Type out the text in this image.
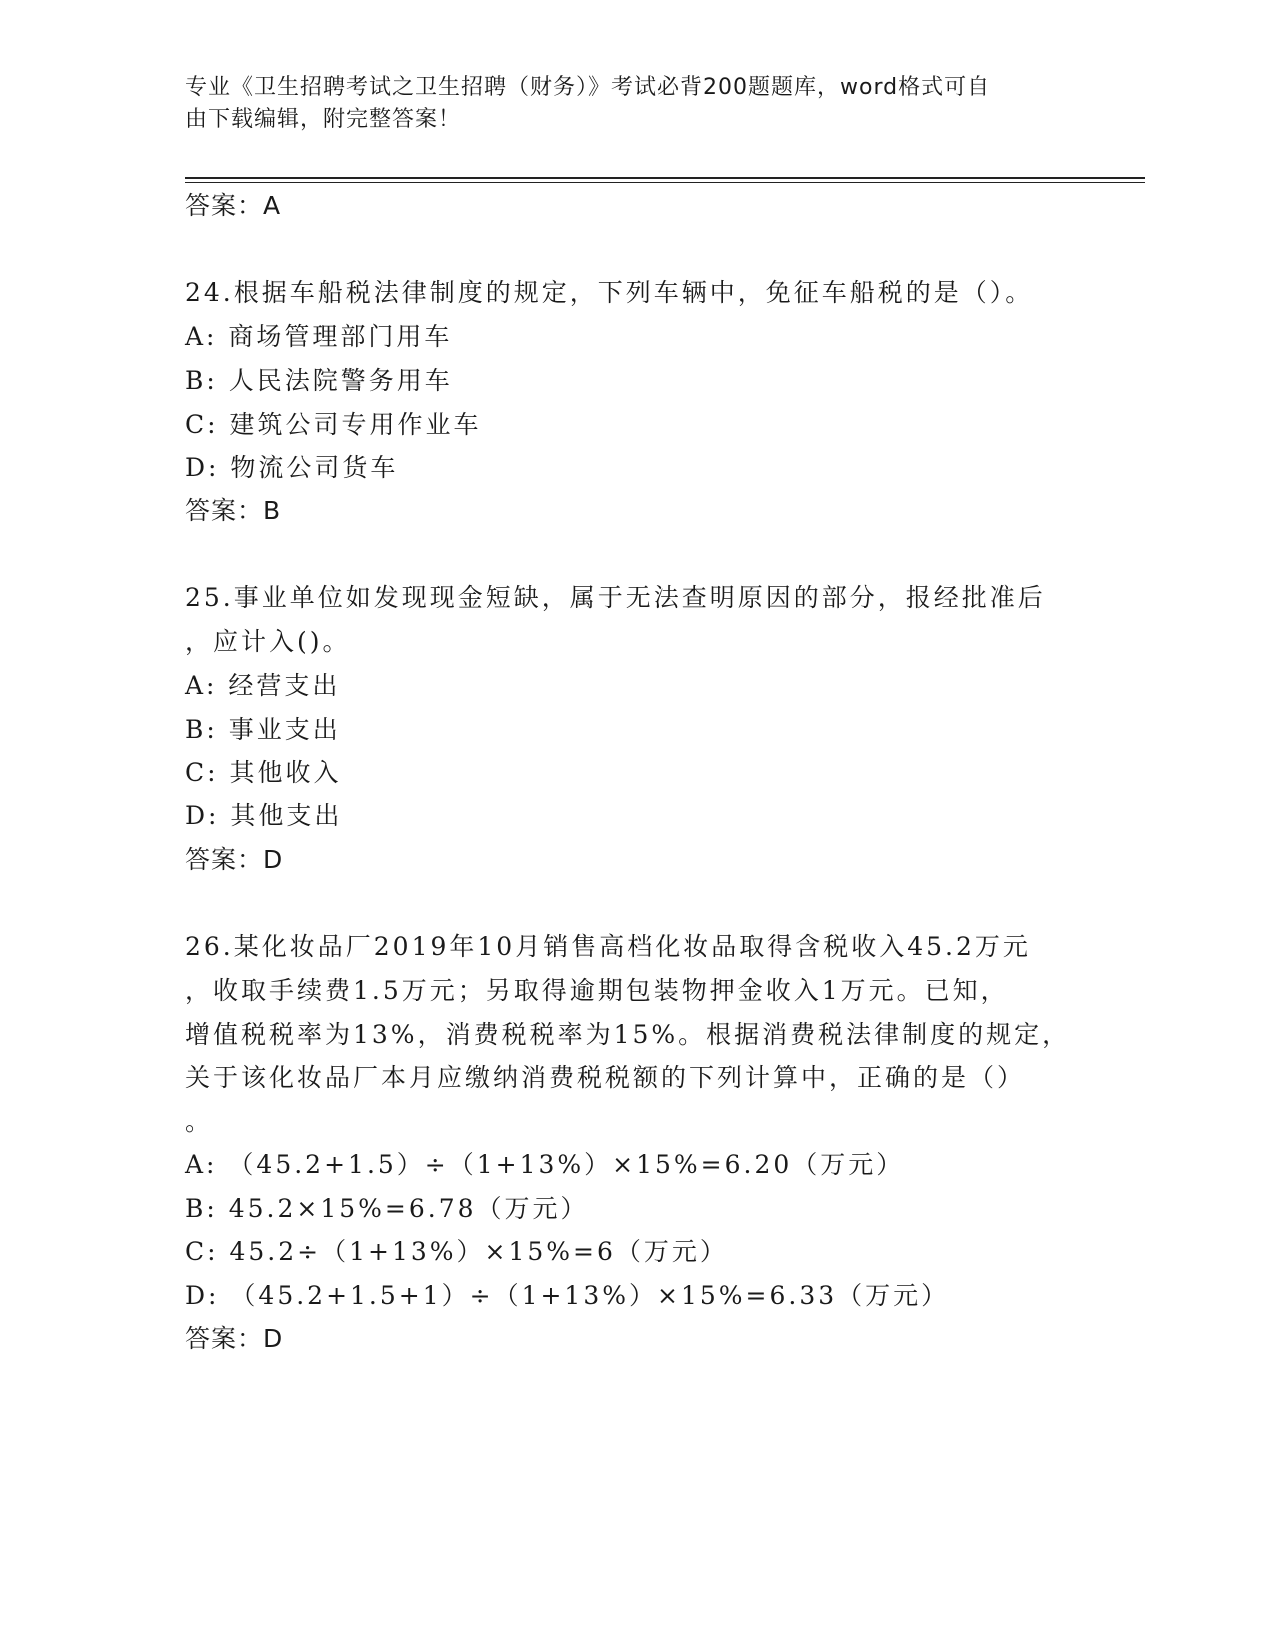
专业《卫生招聘考试之卫生招聘（财务）》考试必背200题题库，word格式可自
由下载编辑，附完整答案！
答案：A
24.根据车船税法律制度的规定，下列车辆中，免征车船税的是（）。
A: 商场管理部门用车
B: 人民法院警务用车
C: 建筑公司专用作业车
D: 物流公司货车
答案：B
25.事业单位如发现现金短缺，属于无法查明原因的部分，报经批准后
，应计入()。
A: 经营支出
B: 事业支出
C: 其他收入
D: 其他支出
答案：D
26.某化妆品厂2019年10月销售高档化妆品取得含税收入45.2万元
，收取手续费1.5万元；另取得逾期包装物押金收入1万元。已知，
增值税税率为13%，消费税税率为15%。根据消费税法律制度的规定，
关于该化妆品厂本月应缴纳消费税税额的下列计算中，正确的是（）
。
A: （45.2+1.5）÷（1+13%）×15%=6.20（万元）
B: 45.2×15%=6.78（万元）
C: 45.2÷（1+13%）×15%=6（万元）
D: （45.2+1.5+1）÷（1+13%）×15%=6.33（万元）
答案：D
